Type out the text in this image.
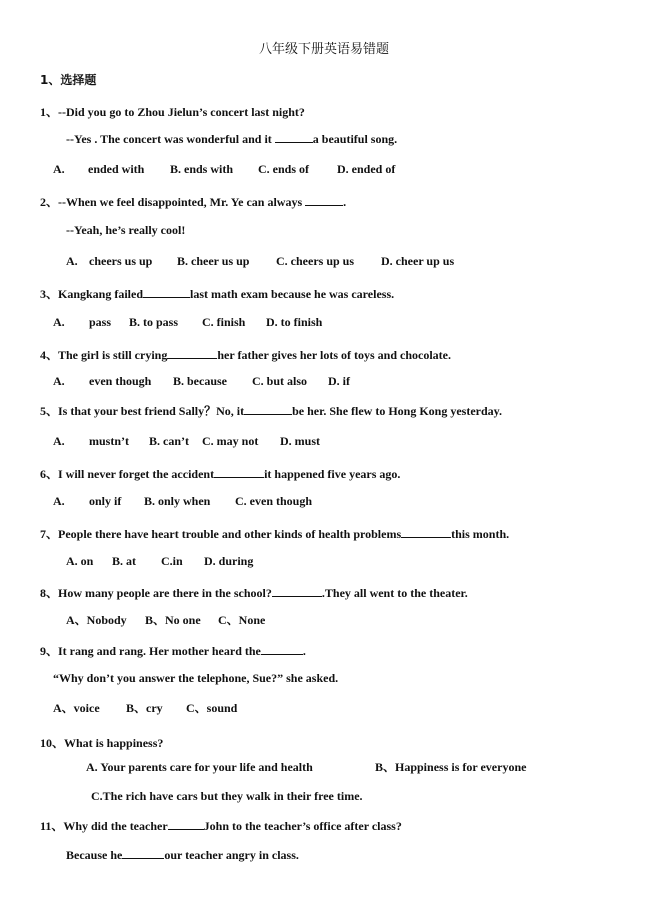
八年级下册英语易错题
1、选择题
1、--Did you go to Zhou Jielun’s concert last night?
--Yes . The concert was wonderful and it	a beautiful song.
A. ended with B. ends with C. ends of D. ended of
2、--When we feel disappointed, Mr. Ye can always	.
--Yeah, he’s really cool!
A. cheers us up B. cheer us up C. cheers up us D. cheer up us
3、Kangkang failed	last math exam because he was careless.
A. pass B. to pass C. finish D. to finish
4、The girl is still crying	her father gives her lots of toys and chocolate.
A. even though B. because C. but also D. if
5、Is that your best friend Sally？No, it	be her. She flew to Hong Kong yesterday.
A. mustn’t B. can’t C. may not D. must
6、I will never forget the accident	it happened five years ago.
A. only if B. only when C. even though
7、People there have heart trouble and other kinds of health problems	this month.
A. on B. at C.in D. during
8、How many people are there in the school?	.They all went to the theater.
A、Nobody B、No one C、None
9、It rang and rang. Her mother heard the	.
“Why don’t you answer the telephone, Sue?” she asked.
A、voice B、cry C、sound
10、What is happiness?
A. Your parents care for your life and health	B、Happiness is for everyone
C.The rich have cars but they walk in their free time.
11、Why did the teacher	John to the teacher’s office after class?
Because he	our teacher angry in class.
